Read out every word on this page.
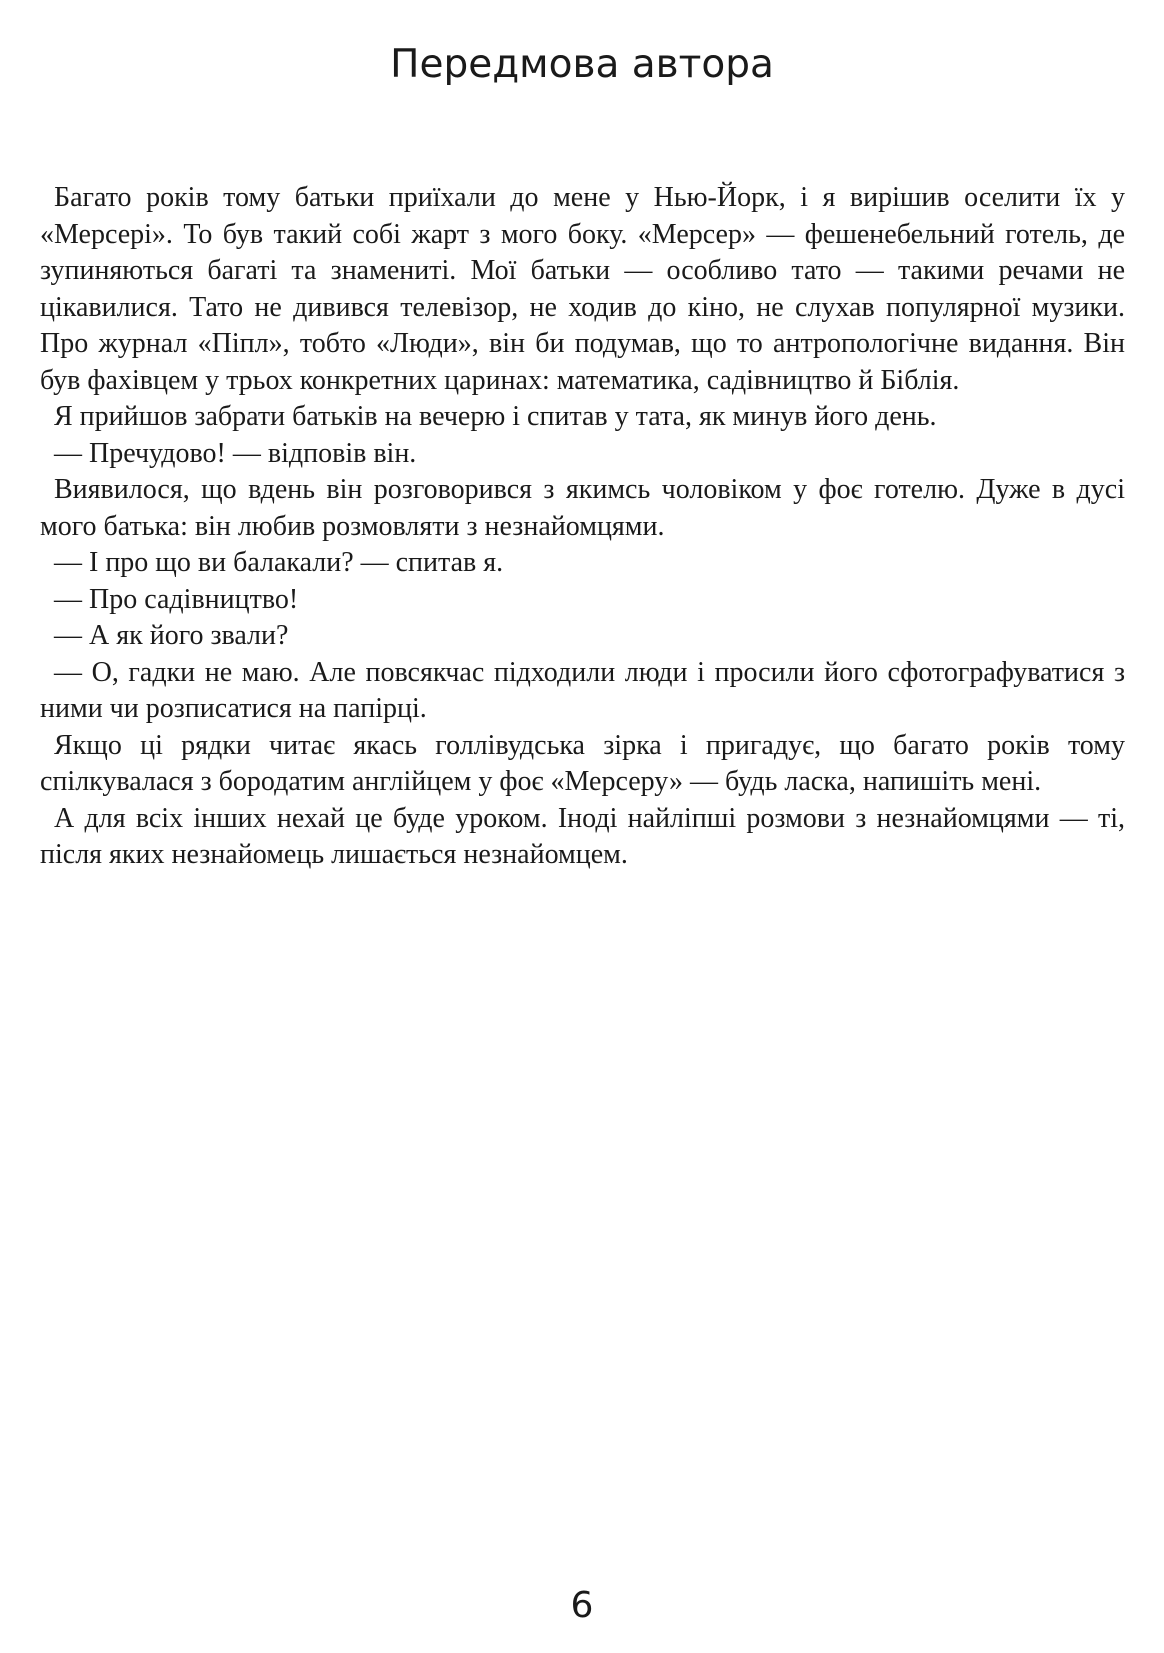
Передмова автора

Багато років тому батьки приїхали до мене у Нью-Йорк, і я вирішив оселити їх у «Мерсері». То був такий собі жарт з мого боку. «Мерсер» — фешенебельний готель, де зупиняються багаті та знамениті. Мої батьки — особливо тато — такими речами не цікавилися. Тато не дивився телевізор, не ходив до кіно, не слухав популярної музики. Про журнал «Піпл», тобто «Люди», він би подумав, що то антропологічне видання. Він був фахівцем у трьох конкретних царинах: математика, садівництво й Біблія.

Я прийшов забрати батьків на вечерю і спитав у тата, як минув його день.

— Пречудово! — відповів він.

Виявилося, що вдень він розговорився з якимсь чоловіком у фоє готелю. Дуже в дусі мого батька: він любив розмовляти з незнайомцями.

— І про що ви балакали? — спитав я.

— Про садівництво!

— А як його звали?

— О, гадки не маю. Але повсякчас підходили люди і просили його сфотографуватися з ними чи розписатися на папірці.

Якщо ці рядки читає якась голлівудська зірка і пригадує, що багато років тому спілкувалася з бородатим англійцем у фоє «Мерсеру» — будь ласка, напишіть мені.

А для всіх інших нехай це буде уроком. Іноді найліпші розмови з незнайомцями — ті, після яких незнайомець лишається незнайомцем.

6
